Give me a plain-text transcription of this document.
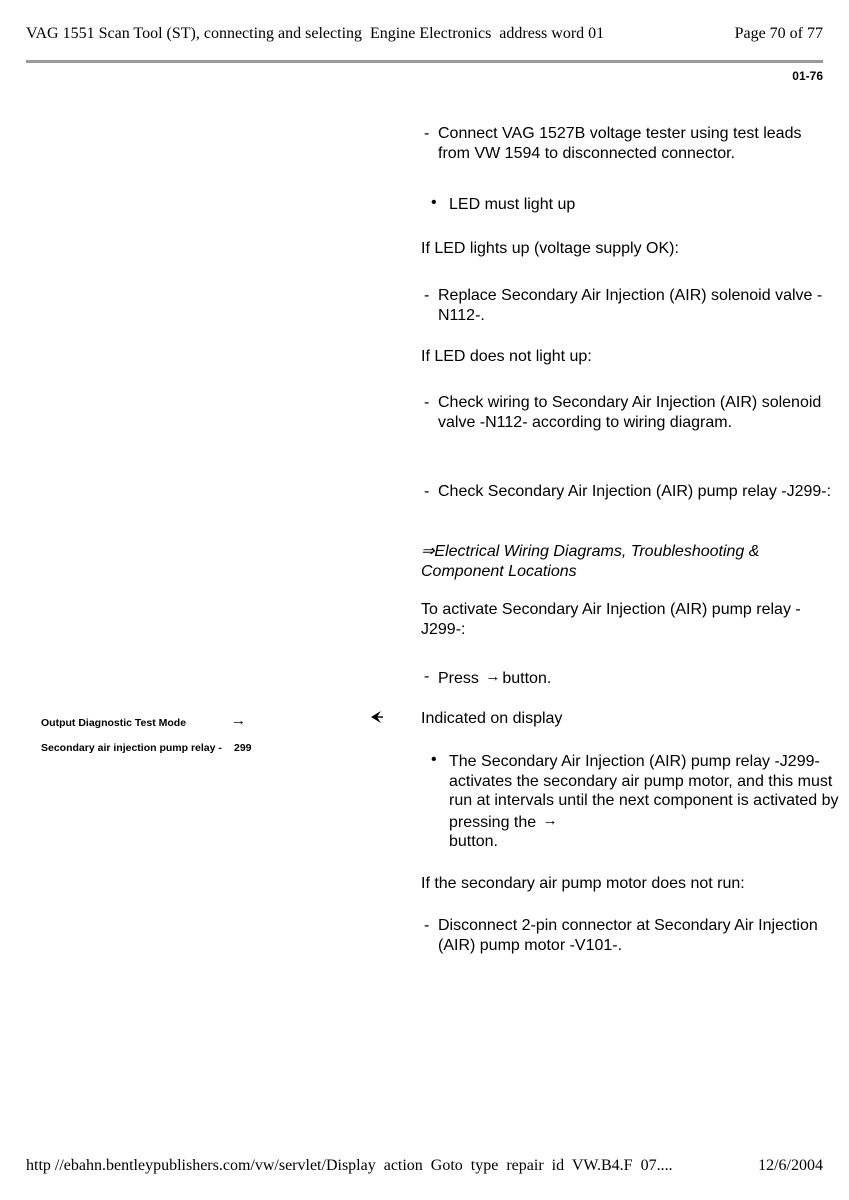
VAG 1551 Scan Tool (ST), connecting and selecting  Engine Electronics  address word 01	Page 70 of 77
01-76
- Connect VAG 1527B voltage tester using test leads from VW 1594 to disconnected connector.
• LED must light up
If LED lights up (voltage supply OK):
- Replace Secondary Air Injection (AIR) solenoid valve -N112-.
If LED does not light up:
- Check wiring to Secondary Air Injection (AIR) solenoid valve -N112- according to wiring diagram.
- Check Secondary Air Injection (AIR) pump relay -J299-:
⇒Electrical Wiring Diagrams, Troubleshooting & Component Locations
To activate Secondary Air Injection (AIR) pump relay -J299-:
- Press → button.
Output Diagnostic Test Mode	→
Secondary air injection pump relay - 299
Indicated on display
• The Secondary Air Injection (AIR) pump relay -J299- activates the secondary air pump motor, and this must run at intervals until the next component is activated by pressing the →
button.
If the secondary air pump motor does not run:
- Disconnect 2-pin connector at Secondary Air Injection (AIR) pump motor -V101-.
http //ebahn.bentleypublishers.com/vw/servlet/Display  action  Goto  type  repair  id  VW.B4.F  07....	12/6/2004
